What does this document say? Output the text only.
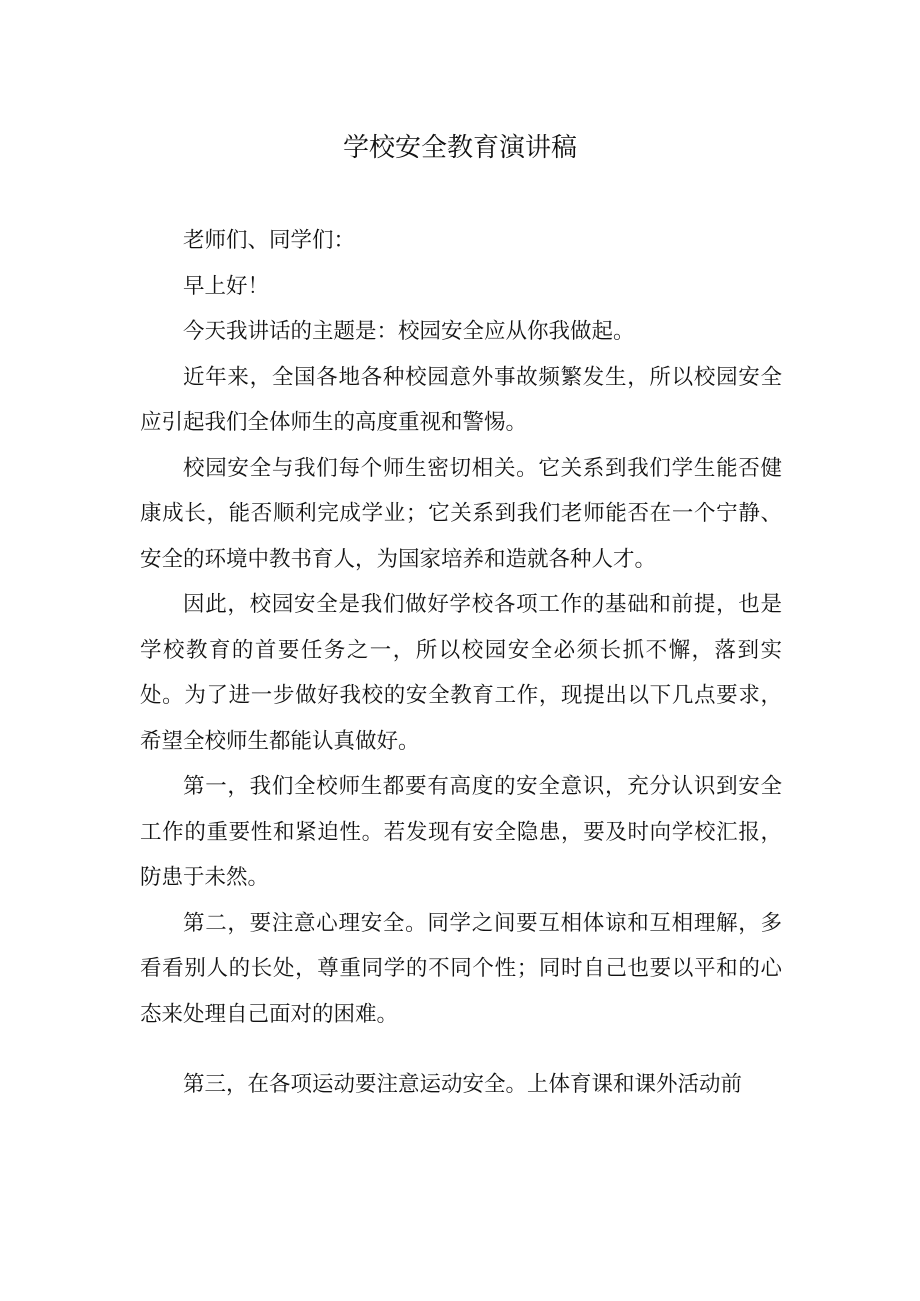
学校安全教育演讲稿

老师们、同学们：

早上好！

今天我讲话的主题是：校园安全应从你我做起。

近年来，全国各地各种校园意外事故频繁发生，所以校园安全应引起我们全体师生的高度重视和警惕。

校园安全与我们每个师生密切相关。它关系到我们学生能否健康成长，能否顺利完成学业；它关系到我们老师能否在一个宁静、安全的环境中教书育人，为国家培养和造就各种人才。

因此，校园安全是我们做好学校各项工作的基础和前提，也是学校教育的首要任务之一，所以校园安全必须长抓不懈，落到实处。为了进一步做好我校的安全教育工作，现提出以下几点要求，希望全校师生都能认真做好。

第一，我们全校师生都要有高度的安全意识，充分认识到安全工作的重要性和紧迫性。若发现有安全隐患，要及时向学校汇报，防患于未然。

第二，要注意心理安全。同学之间要互相体谅和互相理解，多看看别人的长处，尊重同学的不同个性；同时自己也要以平和的心态来处理自己面对的困难。

第三，在各项运动要注意运动安全。上体育课和课外活动前
